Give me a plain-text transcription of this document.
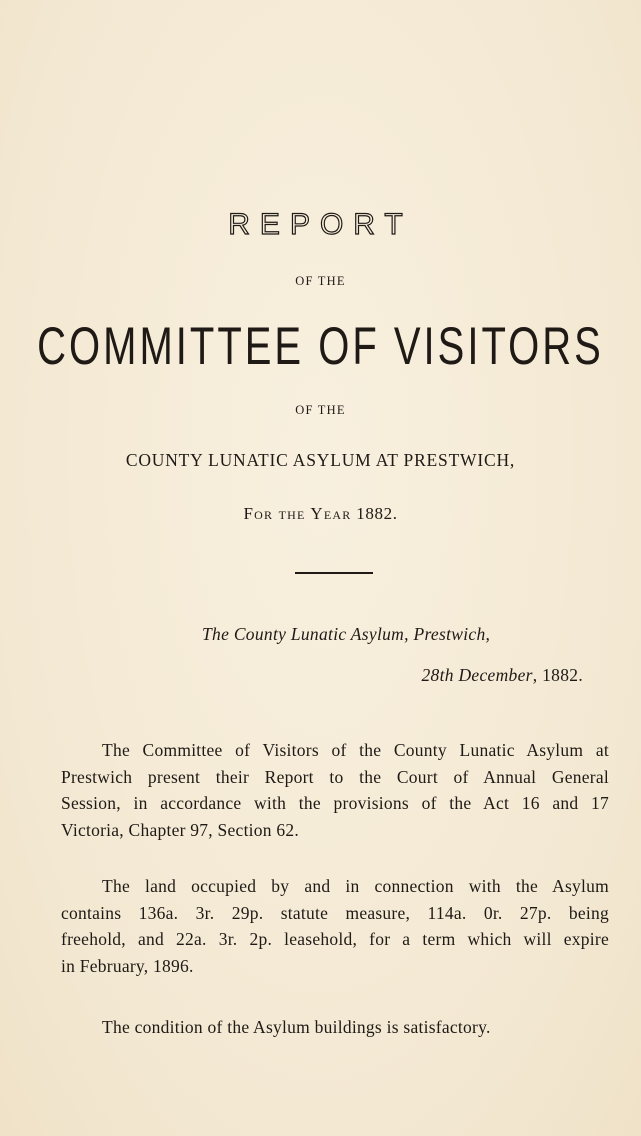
REPORT
OF THE
COMMITTEE OF VISITORS
OF THE
COUNTY LUNATIC ASYLUM AT PRESTWICH,
For the Year 1882.
The County Lunatic Asylum, Prestwich,
28th December, 1882.
The Committee of Visitors of the County Lunatic Asylum at
Prestwich present their Report to the Court of Annual General
Session, in accordance with the provisions of the Act 16 and 17
Victoria, Chapter 97, Section 62.
The land occupied by and in connection with the Asylum
contains 136a. 3r. 29p. statute measure, 114a. 0r. 27p. being
freehold, and 22a. 3r. 2p. leasehold, for a term which will expire
in February, 1896.
The condition of the Asylum buildings is satisfactory.
